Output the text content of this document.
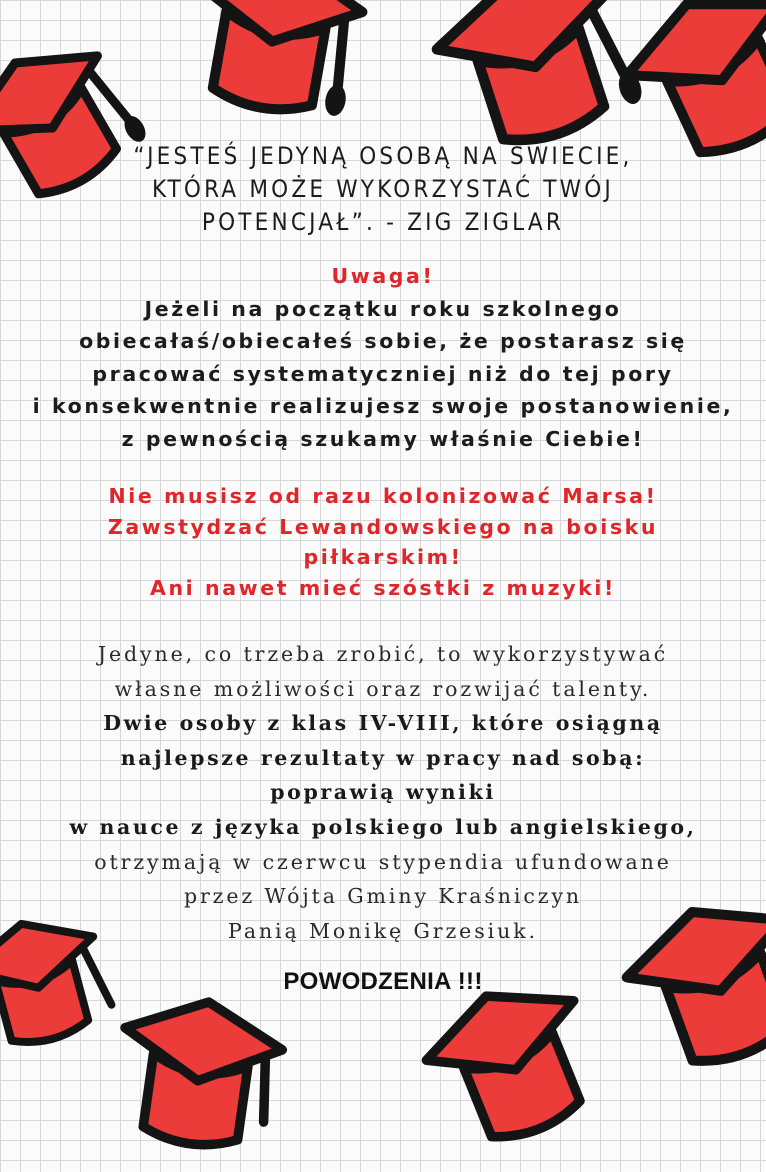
“JESTEŚ JEDYNĄ OSOBĄ NA ŚWIECIE,
KTÓRA MOŻE WYKORZYSTAĆ TWÓJ
POTENCJAŁ”. - ZIG ZIGLAR
Uwaga!
Jeżeli na początku roku szkolnego
obiecałaś/obiecałeś sobie, że postarasz się
pracować systematyczniej niż do tej pory
i konsekwentnie realizujesz swoje postanowienie,
z pewnością szukamy właśnie Ciebie!
Nie musisz od razu kolonizować Marsa!
Zawstydzać Lewandowskiego na boisku
piłkarskim!
Ani nawet mieć szóstki z muzyki!
Jedyne, co trzeba zrobić, to wykorzystywać
własne możliwości oraz rozwijać talenty.
Dwie osoby z klas IV-VIII, które osiągną
najlepsze rezultaty w pracy nad sobą:
poprawią wyniki
w nauce z języka polskiego lub angielskiego,
otrzymają w czerwcu stypendia ufundowane
przez Wójta Gminy Kraśniczyn
Panią Monikę Grzesiuk.
POWODZENIA !!!
